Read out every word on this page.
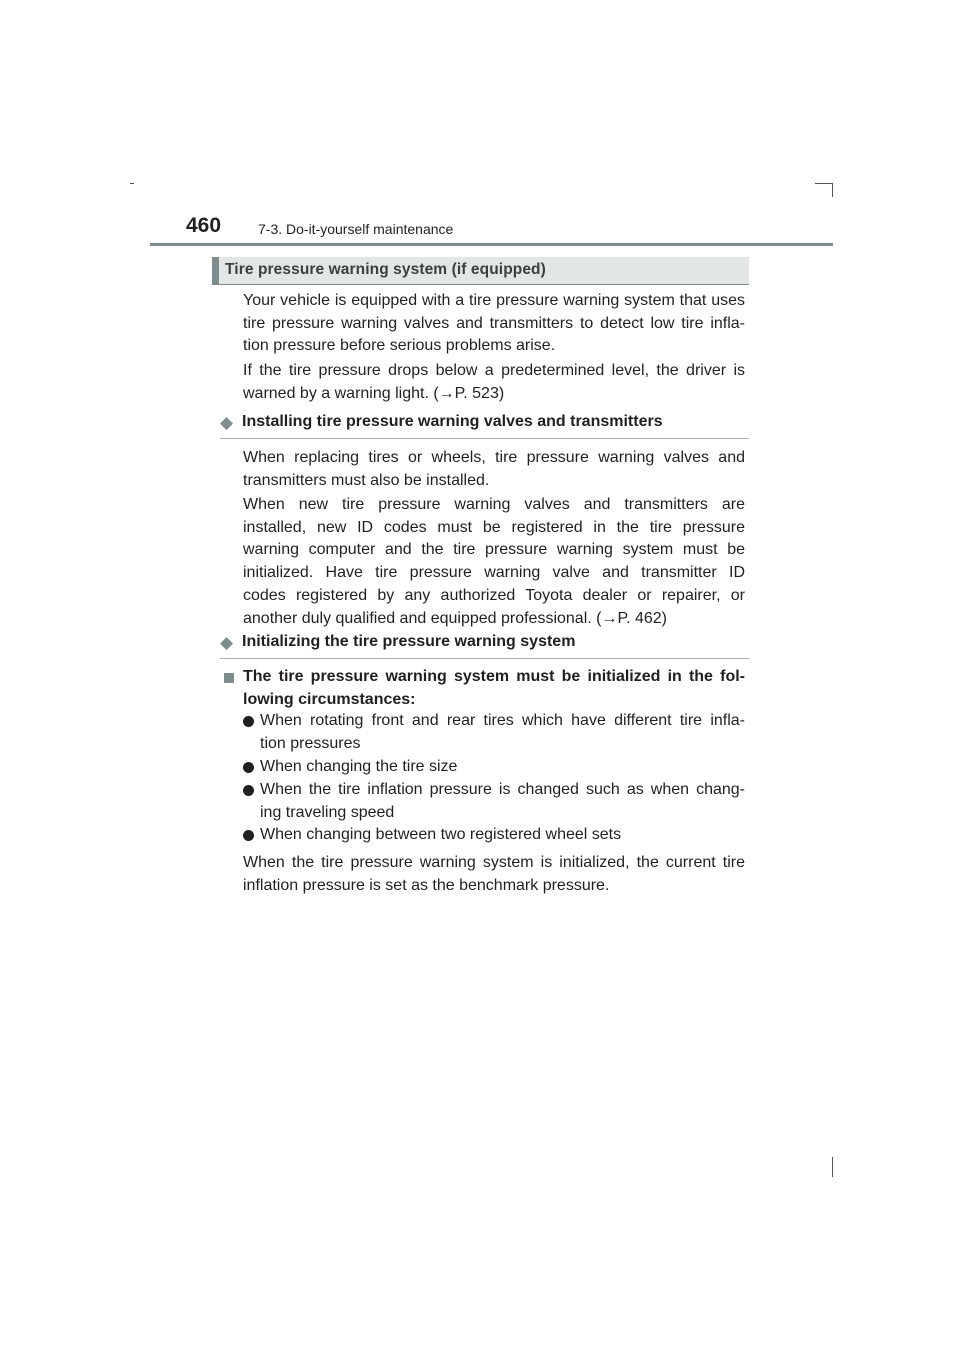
460	7-3. Do-it-yourself maintenance
Tire pressure warning system (if equipped)
Your vehicle is equipped with a tire pressure warning system that uses
tire pressure warning valves and transmitters to detect low tire infla-
tion pressure before serious problems arise.
If the tire pressure drops below a predetermined level, the driver is
warned by a warning light. (→P. 523)
◆ Installing tire pressure warning valves and transmitters
When replacing tires or wheels, tire pressure warning valves and
transmitters must also be installed.
When new tire pressure warning valves and transmitters are
installed, new ID codes must be registered in the tire pressure
warning computer and the tire pressure warning system must be
initialized. Have tire pressure warning valve and transmitter ID
codes registered by any authorized Toyota dealer or repairer, or
another duly qualified and equipped professional. (→P. 462)
◆ Initializing the tire pressure warning system
The tire pressure warning system must be initialized in the fol-
lowing circumstances:
When rotating front and rear tires which have different tire infla-
tion pressures
When changing the tire size
When the tire inflation pressure is changed such as when chang-
ing traveling speed
When changing between two registered wheel sets
When the tire pressure warning system is initialized, the current tire
inflation pressure is set as the benchmark pressure.
